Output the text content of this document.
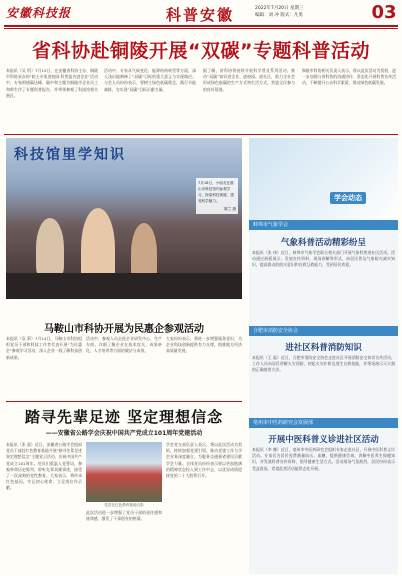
安徽科技报	科普安徽	2022年7月20日 星期三
编辑：刘 冲 版式：凡勇	03
省科协赴铜陵开展“双碳”专题科普活动
本报讯（吴 钒）7月15日，在安徽省科协主办、铜陵市科协承办的“院士专家进校园·科普报告进企业”活动中，专家围绕碳达峰、碳中和主题为铜陵市企业员工和师生作了专题科普报告，并带领参观了科技馆相关展区。
活动中，专家从气候变化、能源结构转型等方面，深入浅出地阐释了“双碳”目标的重大意义与实现路径。与会人员纷纷表示，要树立绿色低碳理念，践行节能减排，为实现“双碳”目标贡献力量。
据了解，省科协将持续开展科学普及系列活动，推动“双碳”知识进企业、进校园、进社区，助力全社会形成绿色低碳的生产方式和生活方式，营造全民参与的良好氛围。
铜陵市科协相关负责人表示，将以此次活动为契机，进一步加强与省科协的沟通协作，常态化开展科普宣传活动，不断提升公众科学素质，推动绿色低碳发展。
科技馆里学知识
7月16日，小朋友在潜山市科技馆内参观学习，探索科技奥秘，感受科学魅力。
陈兰 摄
马鞍山市科协开展为民惠企参观活动
本报讯（袁 莉）7月14日，马鞍山市科协组织党员干部和科技工作者代表开展“为民惠企”参观学习活动，深入企业一线了解科技创新成果。
活动中，参观人员走进企业研发中心、生产车间，详细了解企业在技术攻关、成果转化、人才培养等方面的做法与成效。
大家纷纷表示，将进一步增强服务意识，为企业科技创新提供有力支撑，助推地方经济高质量发展。
踏寻先辈足迹 坚定理想信念
——安徽省公路学会庆祝中国共产党成立101周年党建活动
本报讯（张 晨）近日，安徽省公路学会组织党员干部赴红色教育基地开展“踏寻先辈足迹 坚定理想信念”主题党日活动，庆祝中国共产党成立101周年。党员们重温入党誓词，参观革命历史陈列，聆听先辈英雄事迹，接受了一次深刻的党性教育。大家表示，将传承红色基因，牢记初心使命，立足岗位作贡献。
党员在红色教育基地合影
此次活动进一步增强了党员干部的责任感和使命感，激发了干事创业的热情。
学会党支部负责人表示，将以此次活动为契机，持续加强党建引领，推动党建工作与学会业务深度融合，为服务交通强省建设贡献学会力量。全体党员纷纷表示要以更加饱满的精神状态投入到工作中去，以优异成绩迎接党的二十大胜利召开。
学会动态
蚌埠市气象学会
气象科普活动精彩纷呈
本报讯（张 伟）近日，蚌埠市气象学会联合相关部门开展气象科普进社区活动。活动通过展板展示、发放宣传资料、现场讲解等形式，向居民普及气象防灾减灾知识，提高群众的防灾意识和自救互救能力，受到居民欢迎。
合肥市消防安全协会
进社区科普消防知识
本报讯（王 磊）近日，合肥市消防安全协会走进社区开展消防安全知识宣传活动，工作人员向居民讲解火灾预防、初起火灾扑救及逃生自救技能，并现场演示灭火器的正确使用方法。
亳州市中医药研究会发展部
开展中医科普义诊进社区活动
本报讯（李 娜）近日，亳州市中医药研究会组织专家走进社区，开展中医科普义诊活动。专家们为居民免费测量血压、血糖，提供健康咨询，讲解中医养生保健知识，并发放科普宣传资料，倡导健康生活方式。活动现场气氛热烈，居民纷纷表示受益匪浅，希望此类活动能常态化开展。
